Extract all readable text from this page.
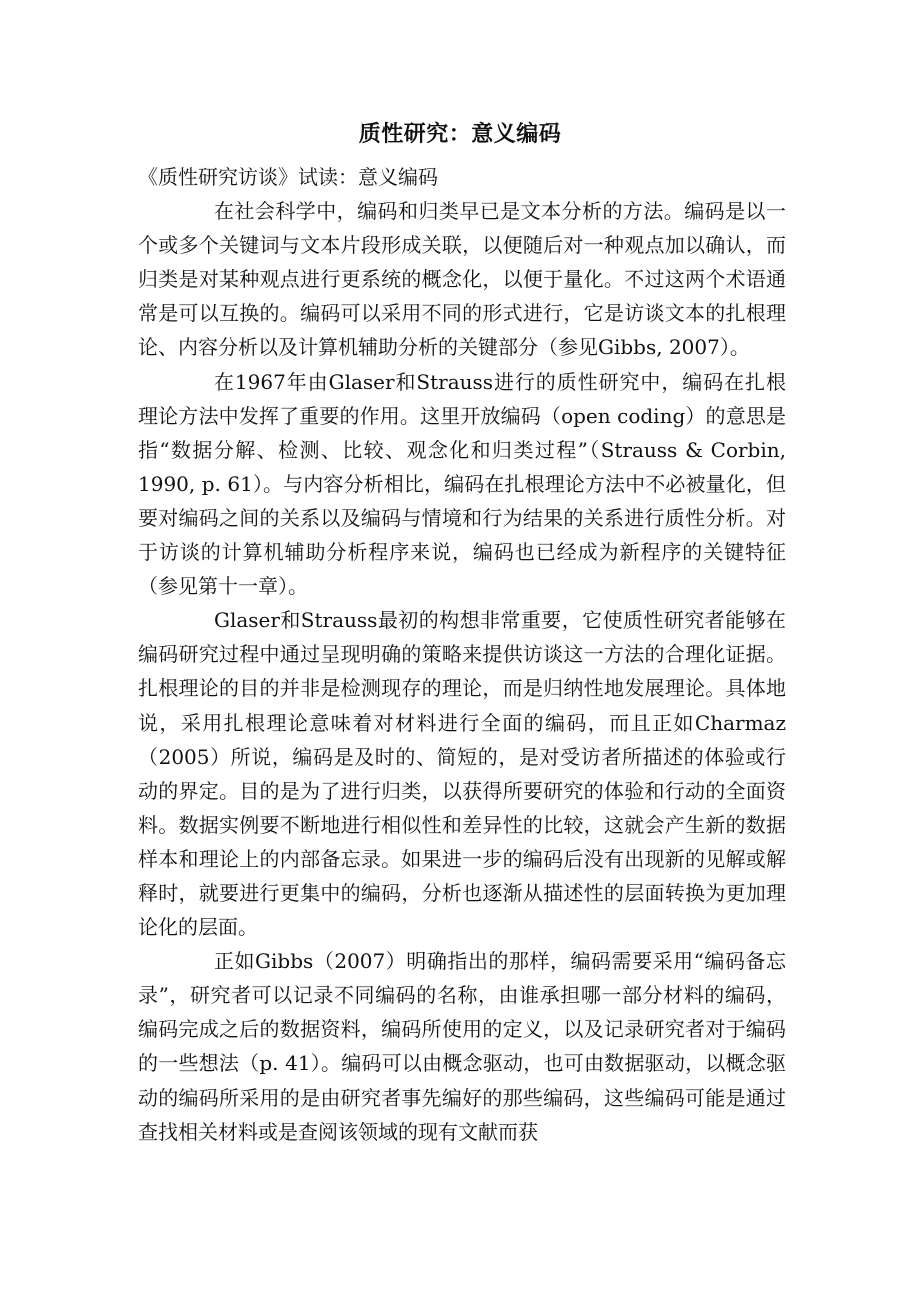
质性研究：意义编码

《质性研究访谈》试读：意义编码

在社会科学中，编码和归类早已是文本分析的方法。编码是以一个或多个关键词与文本片段形成关联，以便随后对一种观点加以确认，而归类是对某种观点进行更系统的概念化，以便于量化。不过这两个术语通常是可以互换的。编码可以采用不同的形式进行，它是访谈文本的扎根理论、内容分析以及计算机辅助分析的关键部分（参见Gibbs, 2007）。

在1967年由Glaser和Strauss进行的质性研究中，编码在扎根理论方法中发挥了重要的作用。这里开放编码（open coding）的意思是指“数据分解、检测、比较、观念化和归类过程”（Strauss & Corbin, 1990, p. 61）。与内容分析相比，编码在扎根理论方法中不必被量化，但要对编码之间的关系以及编码与情境和行为结果的关系进行质性分析。对于访谈的计算机辅助分析程序来说，编码也已经成为新程序的关键特征（参见第十一章）。

Glaser和Strauss最初的构想非常重要，它使质性研究者能够在编码研究过程中通过呈现明确的策略来提供访谈这一方法的合理化证据。扎根理论的目的并非是检测现存的理论，而是归纳性地发展理论。具体地说，采用扎根理论意味着对材料进行全面的编码，而且正如Charmaz（2005）所说，编码是及时的、简短的，是对受访者所描述的体验或行动的界定。目的是为了进行归类，以获得所要研究的体验和行动的全面资料。数据实例要不断地进行相似性和差异性的比较，这就会产生新的数据样本和理论上的内部备忘录。如果进一步的编码后没有出现新的见解或解释时，就要进行更集中的编码，分析也逐渐从描述性的层面转换为更加理论化的层面。

正如Gibbs（2007）明确指出的那样，编码需要采用“编码备忘录”，研究者可以记录不同编码的名称，由谁承担哪一部分材料的编码，编码完成之后的数据资料，编码所使用的定义，以及记录研究者对于编码的一些想法（p. 41）。编码可以由概念驱动，也可由数据驱动，以概念驱动的编码所采用的是由研究者事先编好的那些编码，这些编码可能是通过查找相关材料或是查阅该领域的现有文献而获
